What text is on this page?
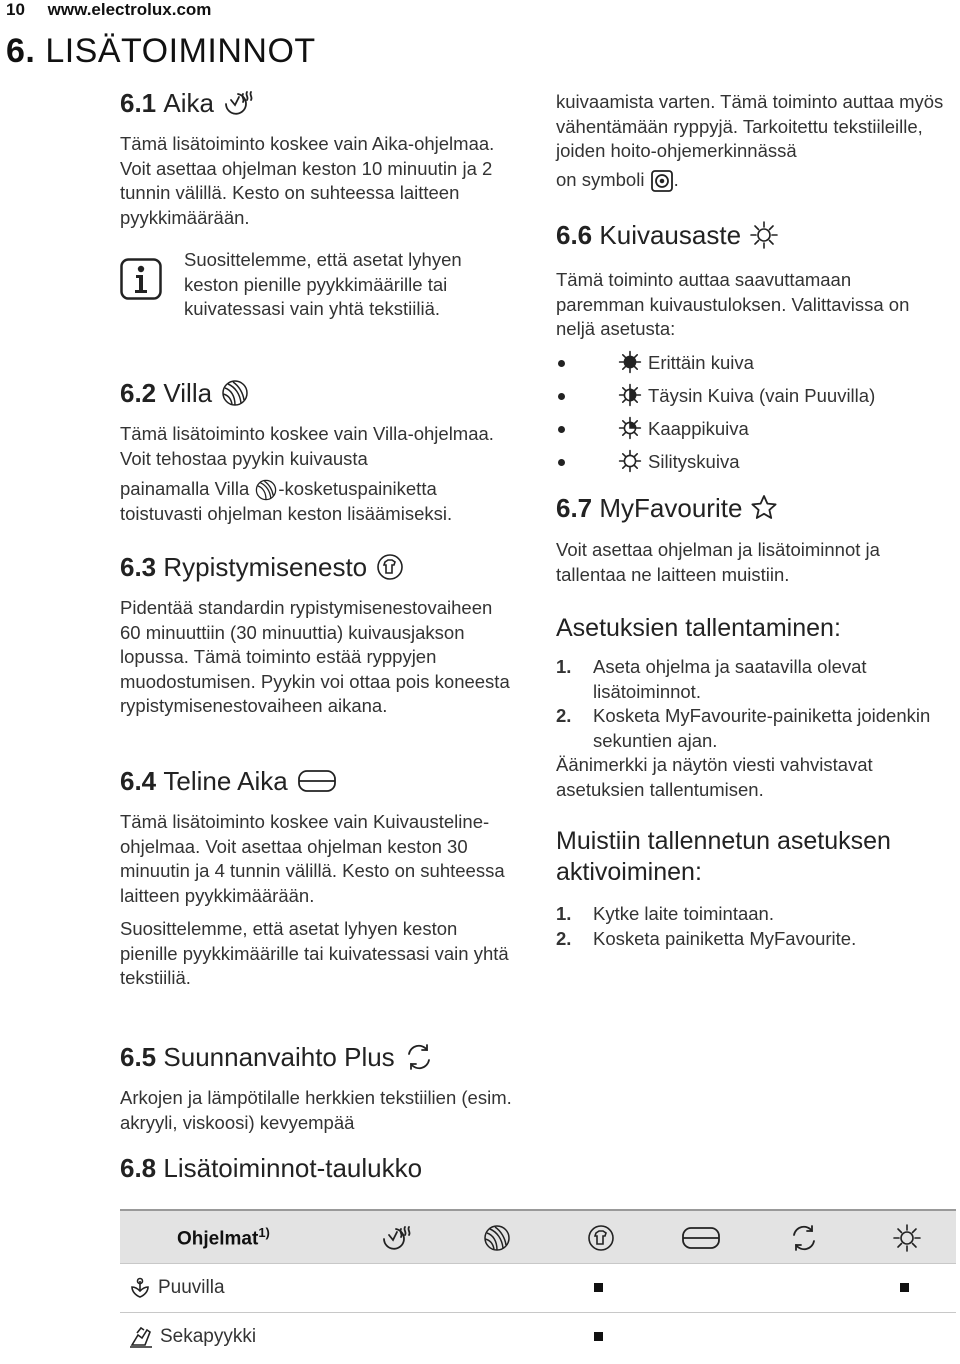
10 www.electrolux.com
6. LISÄTOIMINNOT
6.1
Aika

Tämä lisätoiminto koskee vain Aika-ohjelmaa. Voit asettaa ohjelman keston 10 minuutin ja 2 tunnin välillä. Kesto on suhteessa laitteen pyykkimäärään.

Suosittelemme, että asetat lyhyen keston pienille pyykkimäärille tai kuivatessasi vain yhtä tekstiiliä.
6.2
Villa

Tämä lisätoiminto koskee vain Villa-ohjelmaa. Voit tehostaa pyykin kuivausta

painamalla Villa -kosketuspainiketta toistuvasti ohjelman keston lisäämiseksi.

6.3
Rypistymisenesto

Pidentää standardin rypistymisenestovaiheen 60 minuuttiin (30 minuuttia) kuivausjakson lopussa. Tämä toiminto estää ryppyjen muodostumisen. Pyykin voi ottaa pois koneesta rypistymisenestovaiheen aikana.

6.4
Teline Aika

Tämä lisätoiminto koskee vain Kuivausteline-ohjelmaa. Voit asettaa ohjelman keston 30 minuutin ja 4 tunnin välillä. Kesto on suhteessa laitteen pyykkimäärään.

Suosittelemme, että asetat lyhyen keston pienille pyykkimäärille tai kuivatessasi vain yhtä tekstiiliä.

6.5
Suunnanvaihto Plus

Arkojen ja lämpötilalle herkkien tekstiilien (esim. akryyli, viskoosi) kevyempää

6.8
Lisätoiminnot-taulukko

kuivaamista varten. Tämä toiminto auttaa myös vähentämään ryppyjä. Tarkoitettu tekstiileille, joiden hoito-ohjemerkinnässä

on symboli .

6.6
Kuivausaste

Tämä toiminto auttaa saavuttamaan paremman kuivaustuloksen. Valittavissa on neljä asetusta:

Erittäin kuiva
Täysin Kuiva (vain Puuvilla)
Kaappikuiva
Silityskuiva
6.7
MyFavourite

Voit asettaa ohjelman ja lisätoiminnot ja tallentaa ne laitteen muistiin.

Asetuksien tallentaminen:
1. Aseta ohjelma ja saatavilla olevat lisätoiminnot.
2. Kosketa MyFavourite-painiketta joidenkin sekuntien ajan.

Äänimerkki ja näytön viesti vahvistavat asetuksien tallentumisen.

Muistiin tallennetun asetuksen aktivoiminen:
1. Kytke laite toimintaan.
2. Kosketa painiketta MyFavourite.
Ohjelmat$^{1)}$
Puuvilla
Sekapyykki
